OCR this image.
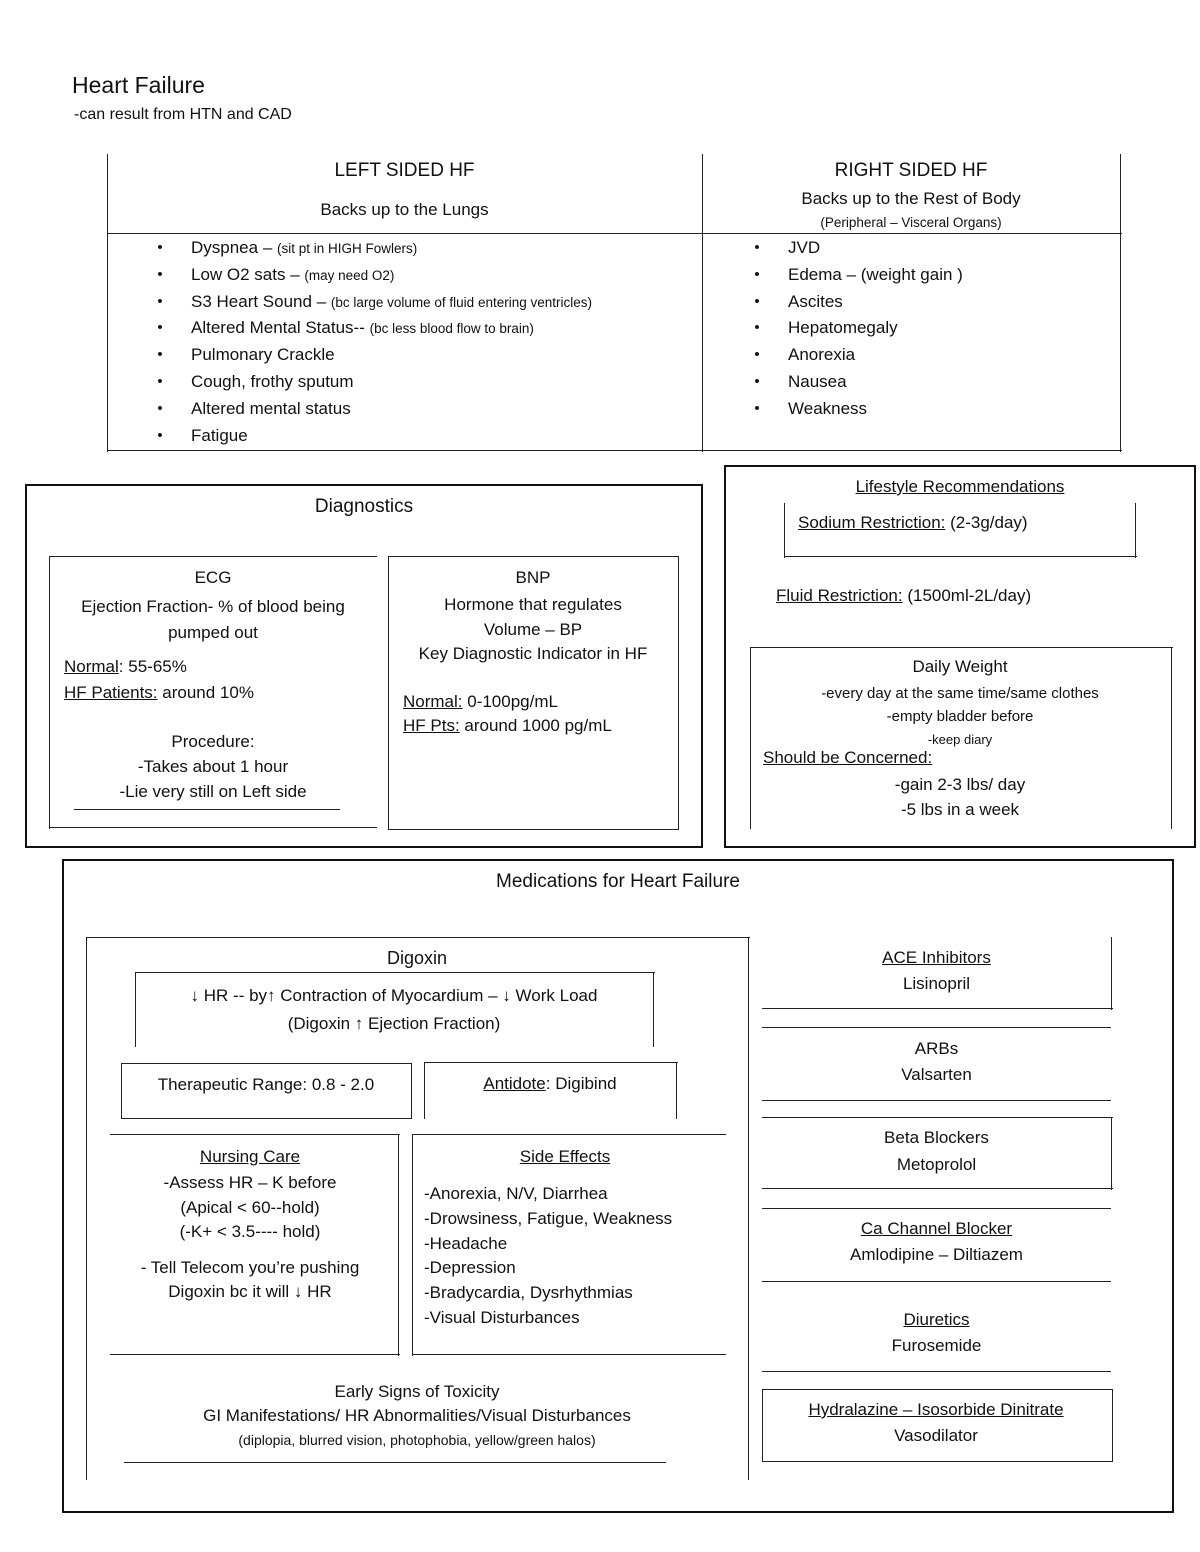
Heart Failure
-can result from HTN and CAD
LEFT SIDED HF
Backs up to the Lungs
RIGHT SIDED HF
Backs up to the Rest of Body
(Peripheral – Visceral Organs)
• Dyspnea – (sit pt in HIGH Fowlers)
• Low O2 sats – (may need O2)
• S3 Heart Sound – (bc large volume of fluid entering ventricles)
• Altered Mental Status-- (bc less blood flow to brain)
• Pulmonary Crackle
• Cough, frothy sputum
• Altered mental status
• Fatigue
• JVD
• Edema – (weight gain )
• Ascites
• Hepatomegaly
• Anorexia
• Nausea
• Weakness
Diagnostics
ECG
Ejection Fraction- % of blood being
pumped out
Normal: 55-65%
HF Patients: around 10%
Procedure:
-Takes about 1 hour
-Lie very still on Left side
BNP
Hormone that regulates
Volume – BP
Key Diagnostic Indicator in HF
Normal: 0-100pg/mL
HF Pts: around 1000 pg/mL
Lifestyle Recommendations
Sodium Restriction: (2-3g/day)
Fluid Restriction: (1500ml-2L/day)
Daily Weight
-every day at the same time/same clothes
-empty bladder before
-keep diary
Should be Concerned:
-gain 2-3 lbs/ day
-5 lbs in a week
Medications for Heart Failure
Digoxin
↓ HR -- by↑ Contraction of Myocardium – ↓ Work Load
(Digoxin ↑ Ejection Fraction)
Therapeutic Range: 0.8 - 2.0	Antidote: Digibind
Nursing Care
-Assess HR – K before
(Apical < 60--hold)
(-K+ < 3.5---- hold)
- Tell Telecom you’re pushing
Digoxin bc it will ↓ HR
Side Effects
-Anorexia, N/V, Diarrhea
-Drowsiness, Fatigue, Weakness
-Headache
-Depression
-Bradycardia, Dysrhythmias
-Visual Disturbances
Early Signs of Toxicity
GI Manifestations/ HR Abnormalities/Visual Disturbances
(diplopia, blurred vision, photophobia, yellow/green halos)
ACE Inhibitors
Lisinopril
ARBs
Valsarten
Beta Blockers
Metoprolol
Ca Channel Blocker
Amlodipine – Diltiazem
Diuretics
Furosemide
Hydralazine – Isosorbide Dinitrate
Vasodilator
